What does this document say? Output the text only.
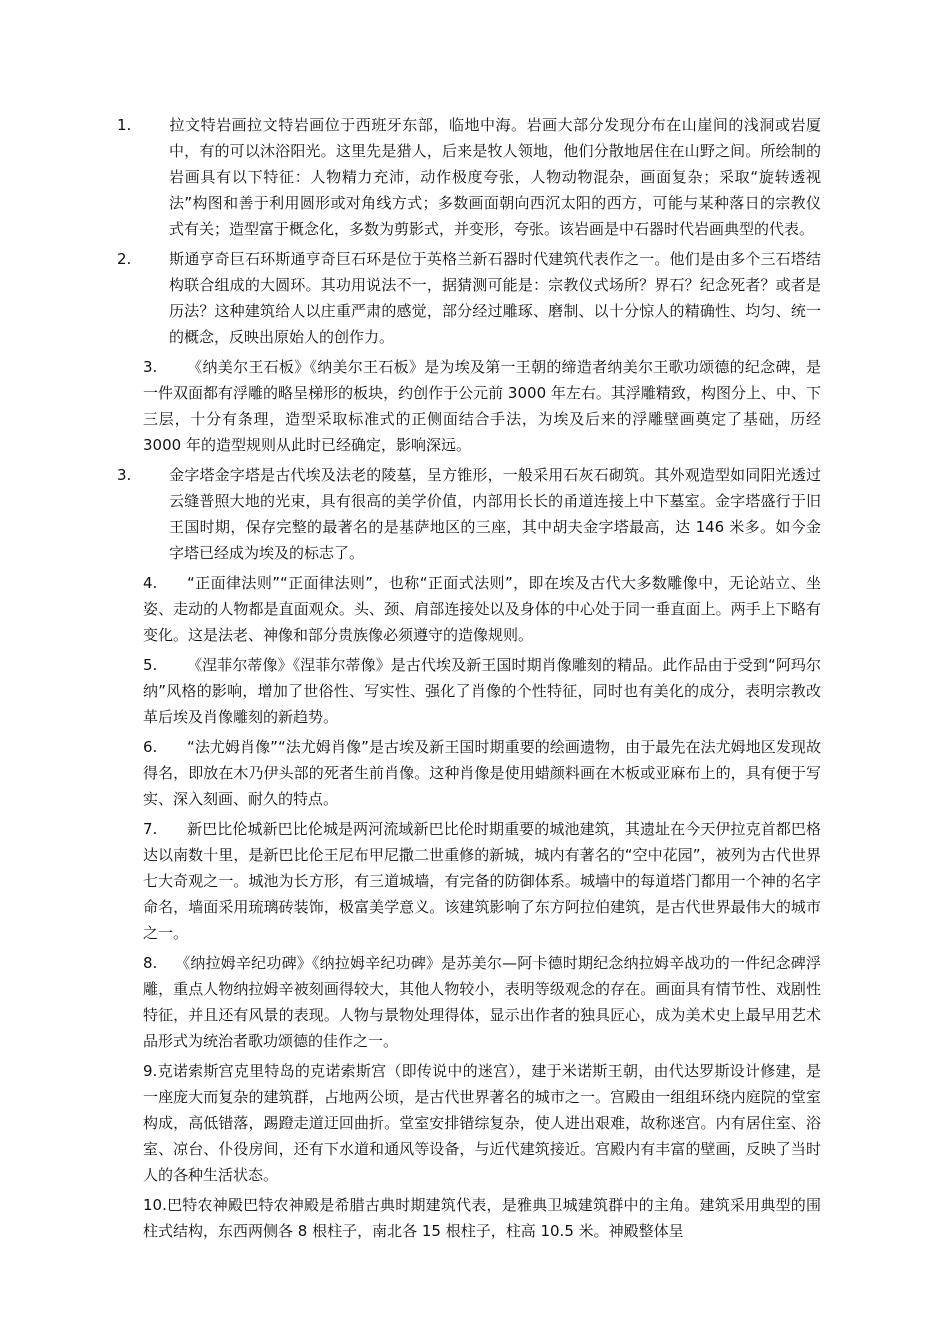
1.	拉文特岩画拉文特岩画位于西班牙东部，临地中海。岩画大部分发现分布在山崖间的浅洞或岩厦中，有的可以沐浴阳光。这里先是猎人，后来是牧人领地，他们分散地居住在山野之间。所绘制的岩画具有以下特征：人物精力充沛，动作极度夸张，人物动物混杂，画面复杂；采取“旋转透视法”构图和善于利用圆形或对角线方式；多数画面朝向西沉太阳的西方，可能与某种落日的宗教仪式有关；造型富于概念化，多数为剪影式，并变形，夸张。该岩画是中石器时代岩画典型的代表。

2.	斯通亨奇巨石环斯通亨奇巨石环是位于英格兰新石器时代建筑代表作之一。他们是由多个三石塔结构联合组成的大圆环。其功用说法不一，据猜测可能是：宗教仪式场所？界石？纪念死者？或者是历法？这种建筑给人以庄重严肃的感觉，部分经过雕琢、磨制、以十分惊人的精确性、均匀、统一的概念，反映出原始人的创作力。

3. 《纳美尔王石板》《纳美尔王石板》是为埃及第一王朝的缔造者纳美尔王歌功颂德的纪念碑，是一件双面都有浮雕的略呈梯形的板块，约创作于公元前 3000 年左右。其浮雕精致，构图分上、中、下三层，十分有条理，造型采取标准式的正侧面结合手法，为埃及后来的浮雕壁画奠定了基础，历经 3000 年的造型规则从此时已经确定，影响深远。

3.	金字塔金字塔是古代埃及法老的陵墓，呈方锥形，一般采用石灰石砌筑。其外观造型如同阳光透过云缝普照大地的光束，具有很高的美学价值，内部用长长的甬道连接上中下墓室。金字塔盛行于旧王国时期，保存完整的最著名的是基萨地区的三座，其中胡夫金字塔最高，达 146 米多。如今金字塔已经成为埃及的标志了。

4. “正面律法则”“正面律法则”，也称“正面式法则”，即在埃及古代大多数雕像中，无论站立、坐姿、走动的人物都是直面观众。头、颈、肩部连接处以及身体的中心处于同一垂直面上。两手上下略有变化。这是法老、神像和部分贵族像必须遵守的造像规则。

5. 《涅菲尔蒂像》《涅菲尔蒂像》是古代埃及新王国时期肖像雕刻的精品。此作品由于受到“阿玛尔纳”风格的影响，增加了世俗性、写实性、强化了肖像的个性特征，同时也有美化的成分，表明宗教改革后埃及肖像雕刻的新趋势。

6. “法尤姆肖像”“法尤姆肖像”是古埃及新王国时期重要的绘画遗物，由于最先在法尤姆地区发现故得名，即放在木乃伊头部的死者生前肖像。这种肖像是使用蜡颜料画在木板或亚麻布上的，具有便于写实、深入刻画、耐久的特点。

7. 新巴比伦城新巴比伦城是两河流域新巴比伦时期重要的城池建筑，其遗址在今天伊拉克首都巴格达以南数十里，是新巴比伦王尼布甲尼撒二世重修的新城，城内有著名的“空中花园”，被列为古代世界七大奇观之一。城池为长方形，有三道城墙，有完备的防御体系。城墙中的每道塔门都用一个神的名字命名，墙面采用琉璃砖装饰，极富美学意义。该建筑影响了东方阿拉伯建筑，是古代世界最伟大的城市之一。

8. 《纳拉姆辛纪功碑》《纳拉姆辛纪功碑》是苏美尔—阿卡德时期纪念纳拉姆辛战功的一件纪念碑浮雕，重点人物纳拉姆辛被刻画得较大，其他人物较小，表明等级观念的存在。画面具有情节性、戏剧性特征，并且还有风景的表现。人物与景物处理得体，显示出作者的独具匠心，成为美术史上最早用艺术品形式为统治者歌功颂德的佳作之一。

9.克诺索斯宫克里特岛的克诺索斯宫（即传说中的迷宫），建于米诺斯王朝，由代达罗斯设计修建，是一座庞大而复杂的建筑群，占地两公顷，是古代世界著名的城市之一。宫殿由一组组环绕内庭院的堂室构成，高低错落，踢蹬走道迂回曲折。堂室安排错综复杂，使人进出艰难，故称迷宫。内有居住室、浴室、凉台、仆役房间，还有下水道和通风等设备，与近代建筑接近。宫殿内有丰富的壁画，反映了当时人的各种生活状态。

10.巴特农神殿巴特农神殿是希腊古典时期建筑代表，是雅典卫城建筑群中的主角。建筑采用典型的围柱式结构，东西两侧各 8 根柱子，南北各 15 根柱子，柱高 10.5 米。神殿整体呈
